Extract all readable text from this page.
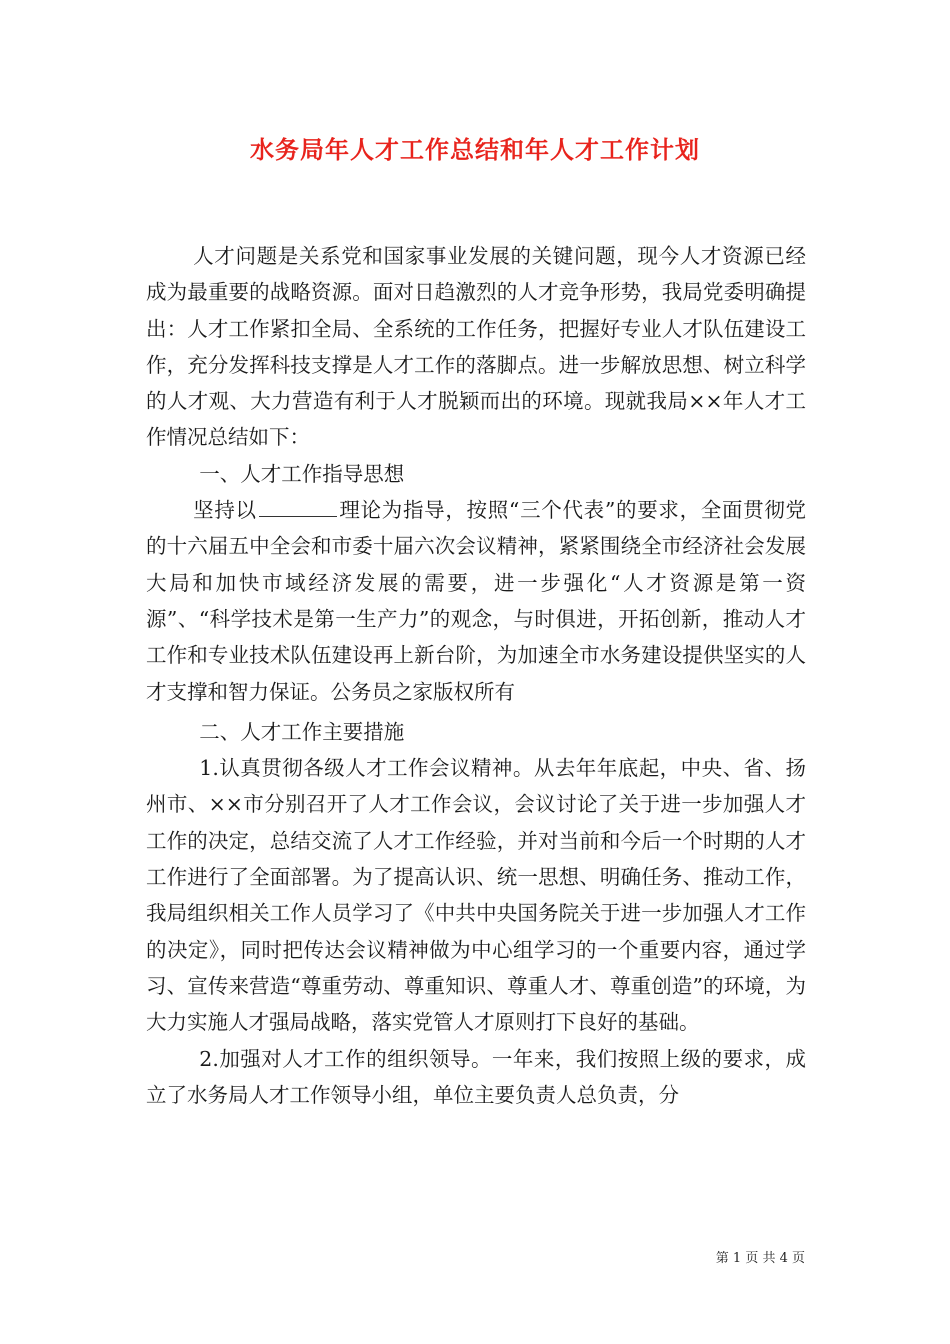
水务局年人才工作总结和年人才工作计划

人才问题是关系党和国家事业发展的关键问题，现今人才资源已经成为最重要的战略资源。面对日趋激烈的人才竞争形势，我局党委明确提出：人才工作紧扣全局、全系统的工作任务，把握好专业人才队伍建设工作，充分发挥科技支撑是人才工作的落脚点。进一步解放思想、树立科学的人才观、大力营造有利于人才脱颖而出的环境。现就我局××年人才工作情况总结如下：

一、人才工作指导思想

坚持以	理论为指导，按照“三个代表”的要求，全面贯彻党的十六届五中全会和市委十届六次会议精神，紧紧围绕全市经济社会发展大局和加快市域经济发展的需要，进一步强化“人才资源是第一资源”、“科学技术是第一生产力”的观念，与时俱进，开拓创新，推动人才工作和专业技术队伍建设再上新台阶，为加速全市水务建设提供坚实的人才支撑和智力保证。公务员之家版权所有

二、人才工作主要措施

1.认真贯彻各级人才工作会议精神。从去年年底起，中央、省、扬州市、××市分别召开了人才工作会议，会议讨论了关于进一步加强人才工作的决定，总结交流了人才工作经验，并对当前和今后一个时期的人才工作进行了全面部署。为了提高认识、统一思想、明确任务、推动工作，我局组织相关工作人员学习了《中共中央国务院关于进一步加强人才工作的决定》，同时把传达会议精神做为中心组学习的一个重要内容，通过学习、宣传来营造“尊重劳动、尊重知识、尊重人才、尊重创造”的环境，为大力实施人才强局战略，落实党管人才原则打下良好的基础。

2.加强对人才工作的组织领导。一年来，我们按照上级的要求，成立了水务局人才工作领导小组，单位主要负责人总负责，分

第 1 页 共 4 页
